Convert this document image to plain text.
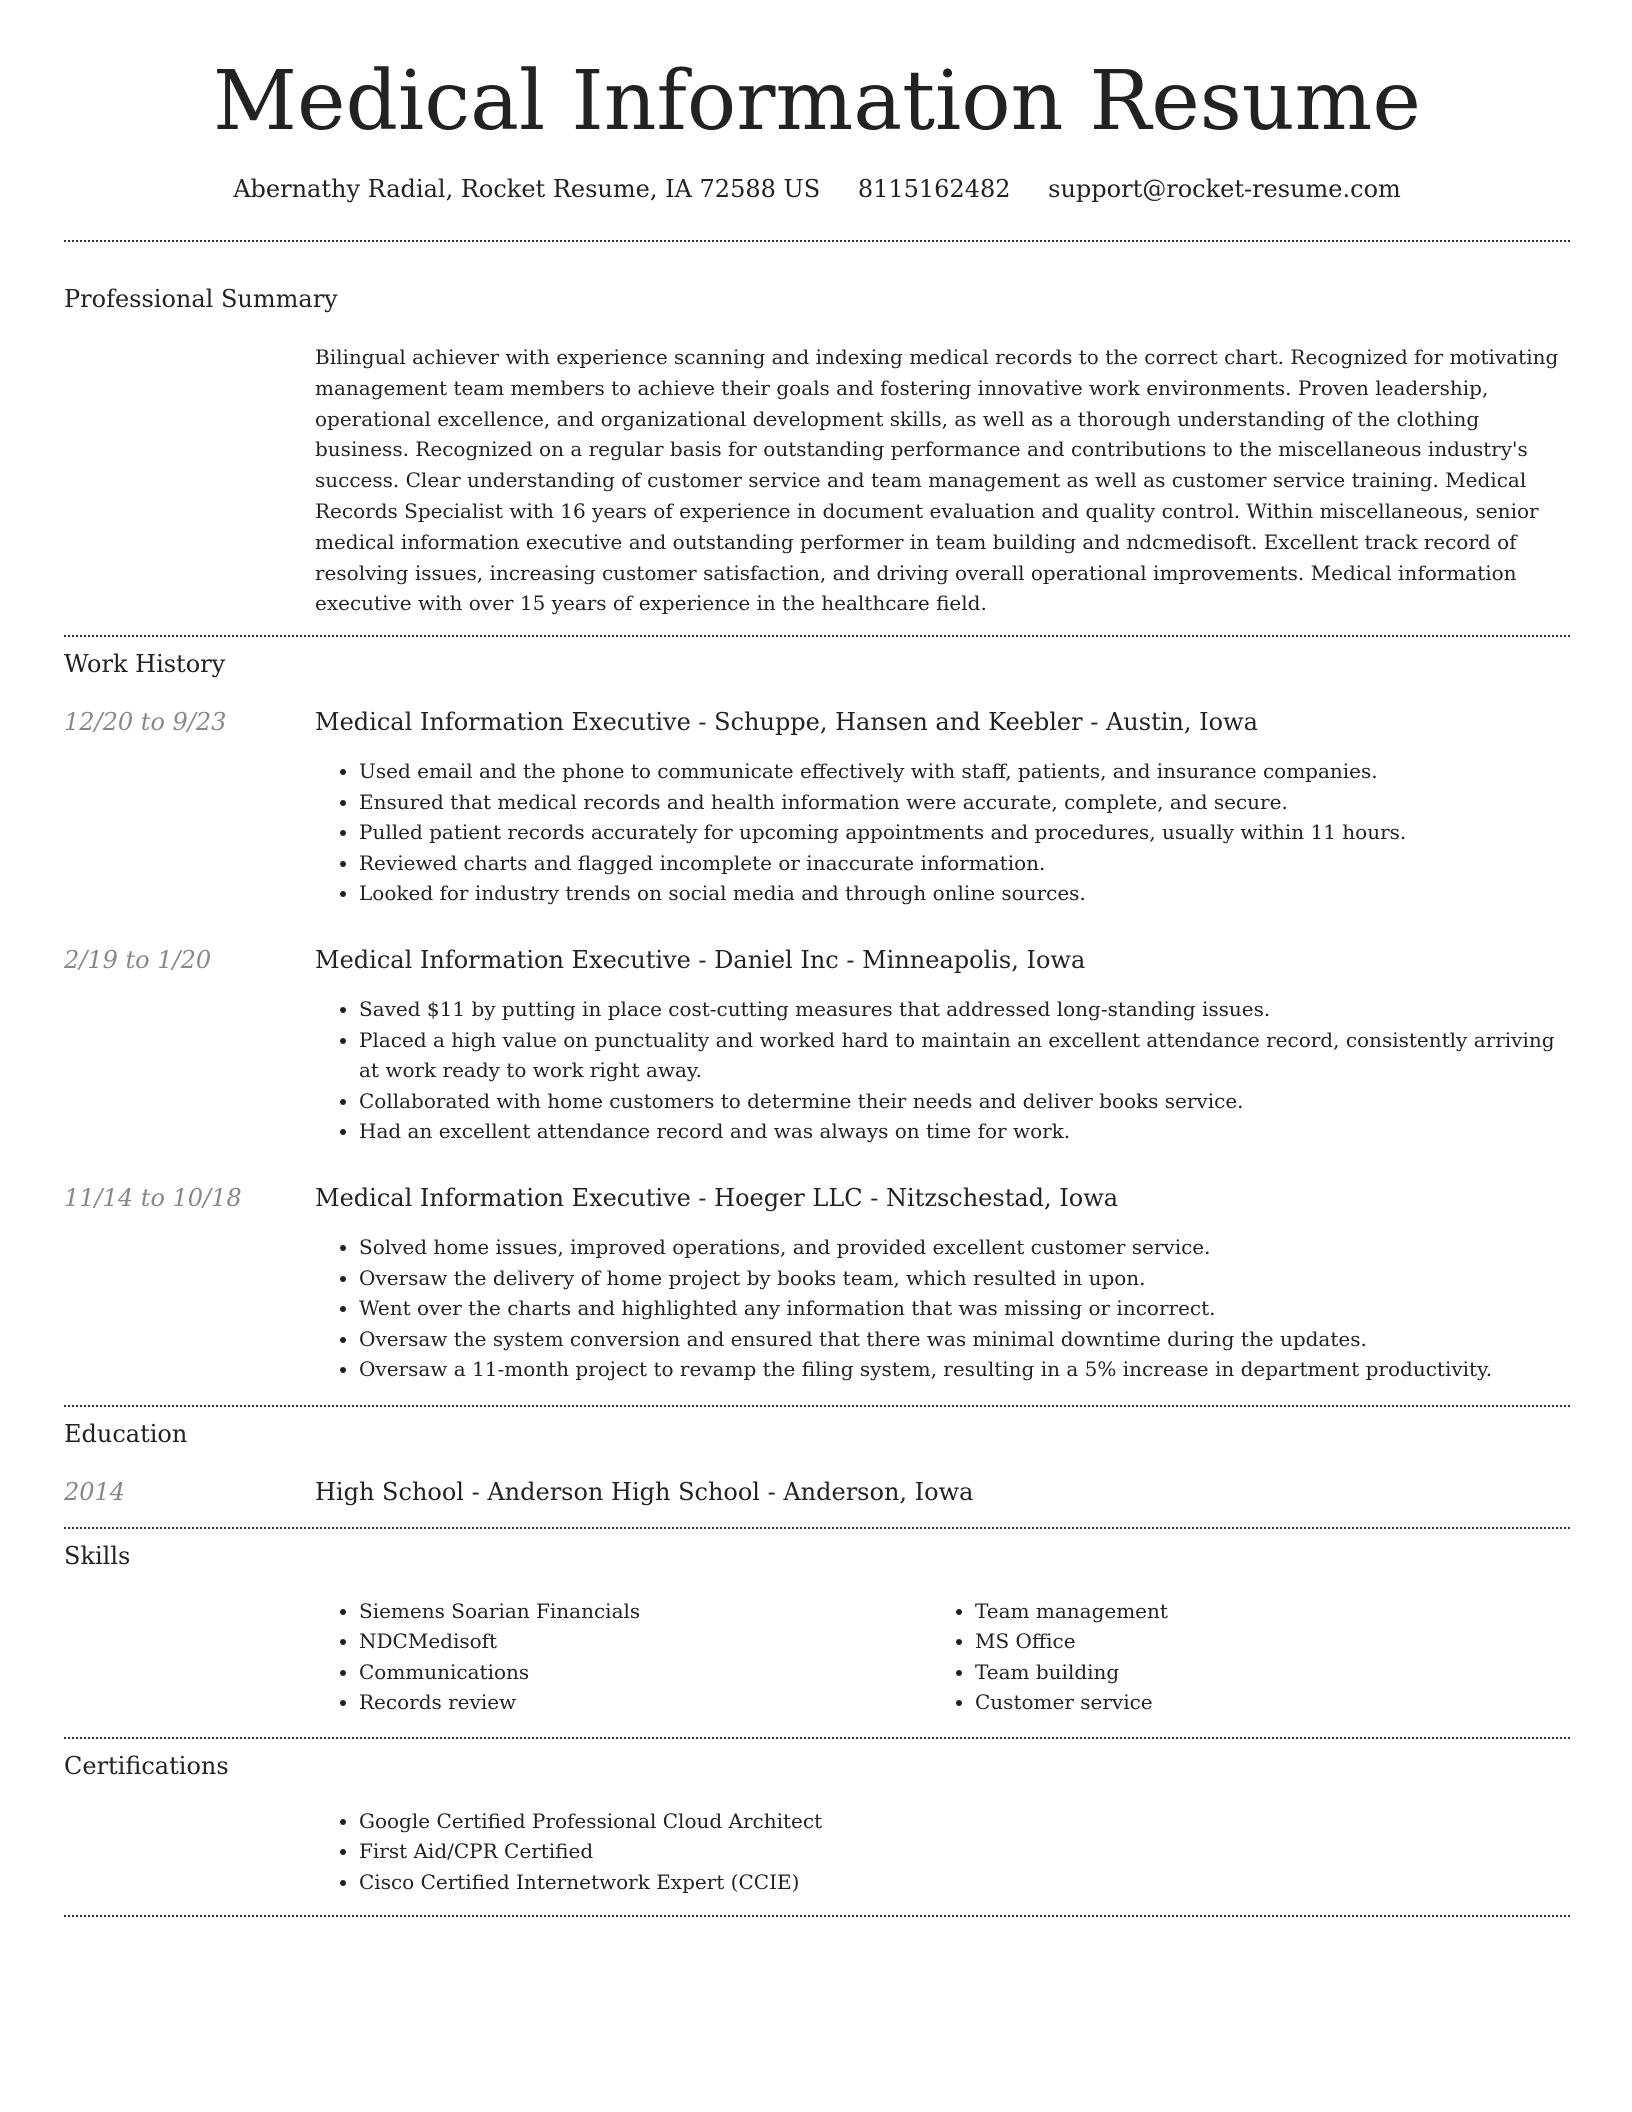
Medical Information Resume
Abernathy Radial, Rocket Resume, IA 72588 US 8115162482 support@rocket-resume.com
Professional Summary
Bilingual achiever with experience scanning and indexing medical records to the correct chart. Recognized for motivating management team members to achieve their goals and fostering innovative work environments. Proven leadership, operational excellence, and organizational development skills, as well as a thorough understanding of the clothing business. Recognized on a regular basis for outstanding performance and contributions to the miscellaneous industry's success. Clear understanding of customer service and team management as well as customer service training. Medical Records Specialist with 16 years of experience in document evaluation and quality control. Within miscellaneous, senior medical information executive and outstanding performer in team building and ndcmedisoft. Excellent track record of resolving issues, increasing customer satisfaction, and driving overall operational improvements. Medical information executive with over 15 years of experience in the healthcare field.
Work History
12/20 to 9/23	Medical Information Executive - Schuppe, Hansen and Keebler - Austin, Iowa
• Used email and the phone to communicate effectively with staff, patients, and insurance companies.
• Ensured that medical records and health information were accurate, complete, and secure.
• Pulled patient records accurately for upcoming appointments and procedures, usually within 11 hours.
• Reviewed charts and flagged incomplete or inaccurate information.
• Looked for industry trends on social media and through online sources.
2/19 to 1/20	Medical Information Executive - Daniel Inc - Minneapolis, Iowa
• Saved $11 by putting in place cost-cutting measures that addressed long-standing issues.
• Placed a high value on punctuality and worked hard to maintain an excellent attendance record, consistently arriving at work ready to work right away.
• Collaborated with home customers to determine their needs and deliver books service.
• Had an excellent attendance record and was always on time for work.
11/14 to 10/18	Medical Information Executive - Hoeger LLC - Nitzschestad, Iowa
• Solved home issues, improved operations, and provided excellent customer service.
• Oversaw the delivery of home project by books team, which resulted in upon.
• Went over the charts and highlighted any information that was missing or incorrect.
• Oversaw the system conversion and ensured that there was minimal downtime during the updates.
• Oversaw a 11-month project to revamp the filing system, resulting in a 5% increase in department productivity.
Education
2014	High School - Anderson High School - Anderson, Iowa
Skills
• Siemens Soarian Financials
• NDCMedisoft
• Communications
• Records review
• Team management
• MS Office
• Team building
• Customer service
Certifications
• Google Certified Professional Cloud Architect
• First Aid/CPR Certified
• Cisco Certified Internetwork Expert (CCIE)
